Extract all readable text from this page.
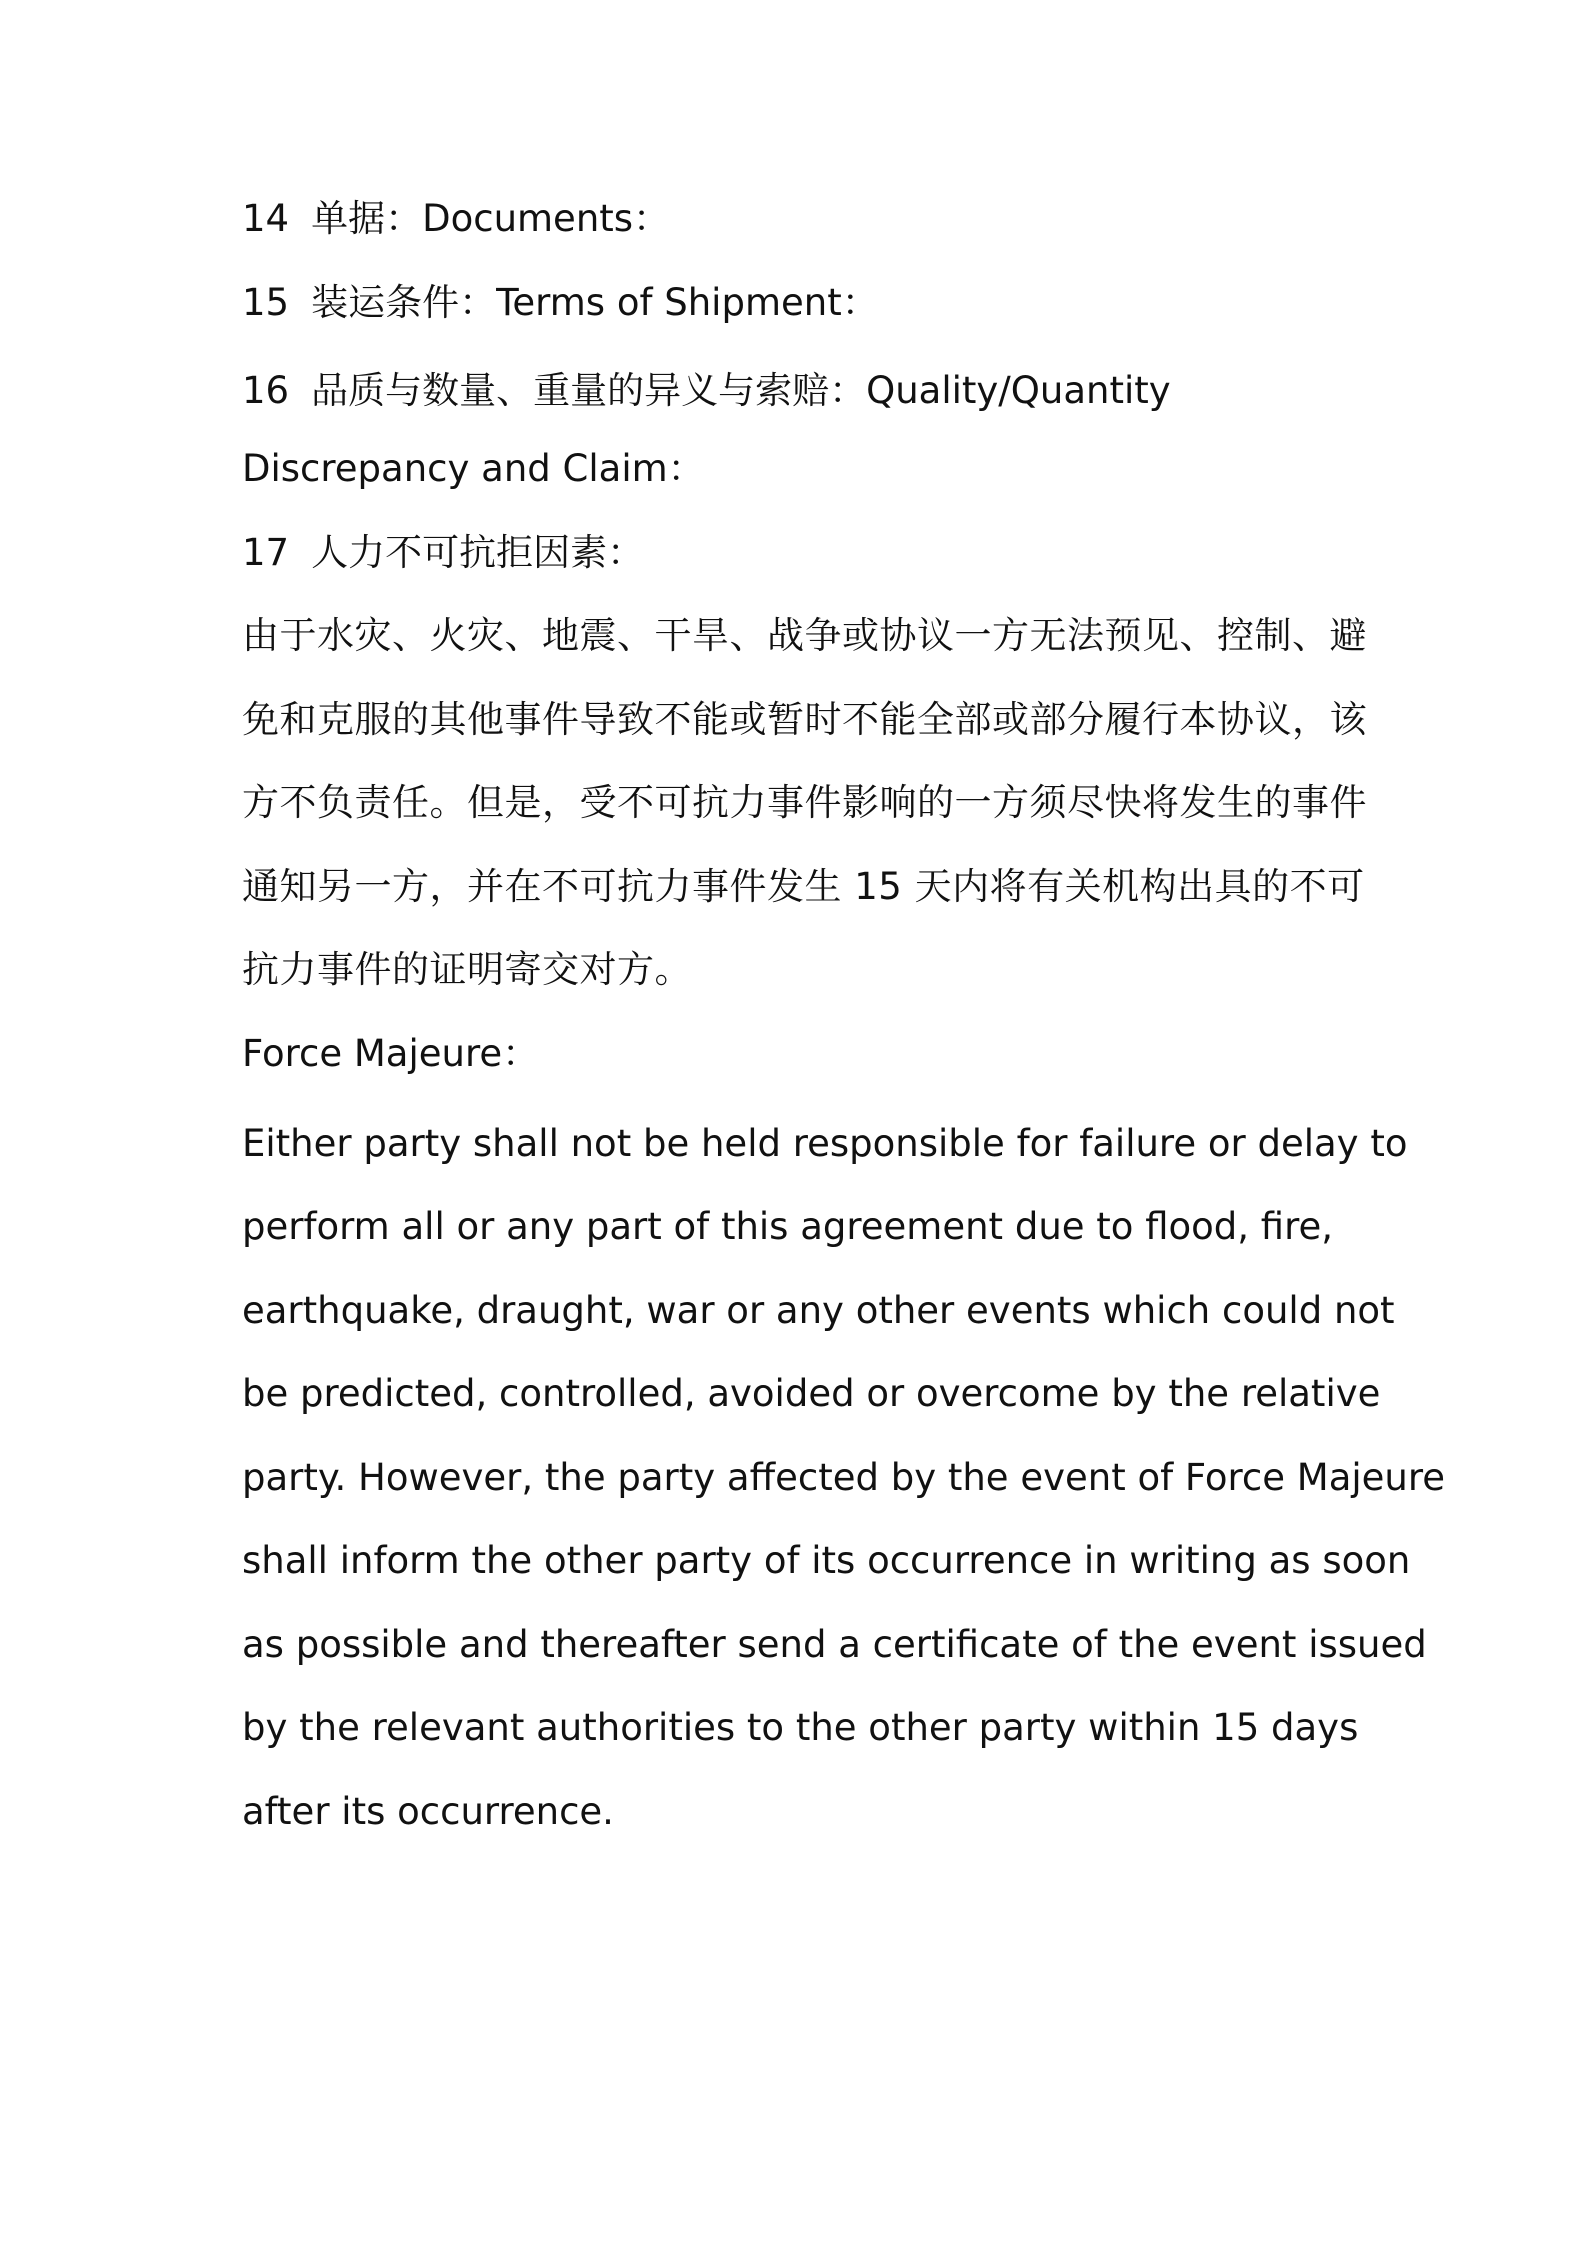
14 单据：Documents：
15 装运条件：Terms of Shipment：
16 品质与数量、重量的异义与索赔：Quality/Quantity
Discrepancy and Claim：
17 人力不可抗拒因素：
由于水灾、火灾、地震、干旱、战争或协议一方无法预见、控制、避
免和克服的其他事件导致不能或暂时不能全部或部分履行本协议，该
方不负责任。但是，受不可抗力事件影响的一方须尽快将发生的事件
通知另一方，并在不可抗力事件发生 15 天内将有关机构出具的不可
抗力事件的证明寄交对方。
Force Majeure：
Either party shall not be held responsible for failure or delay to
perform all or any part of this agreement due to flood, fire,
earthquake, draught, war or any other events which could not
be predicted, controlled, avoided or overcome by the relative
party. However, the party affected by the event of Force Majeure
shall inform the other party of its occurrence in writing as soon
as possible and thereafter send a certificate of the event issued
by the relevant authorities to the other party within 15 days
after its occurrence.
